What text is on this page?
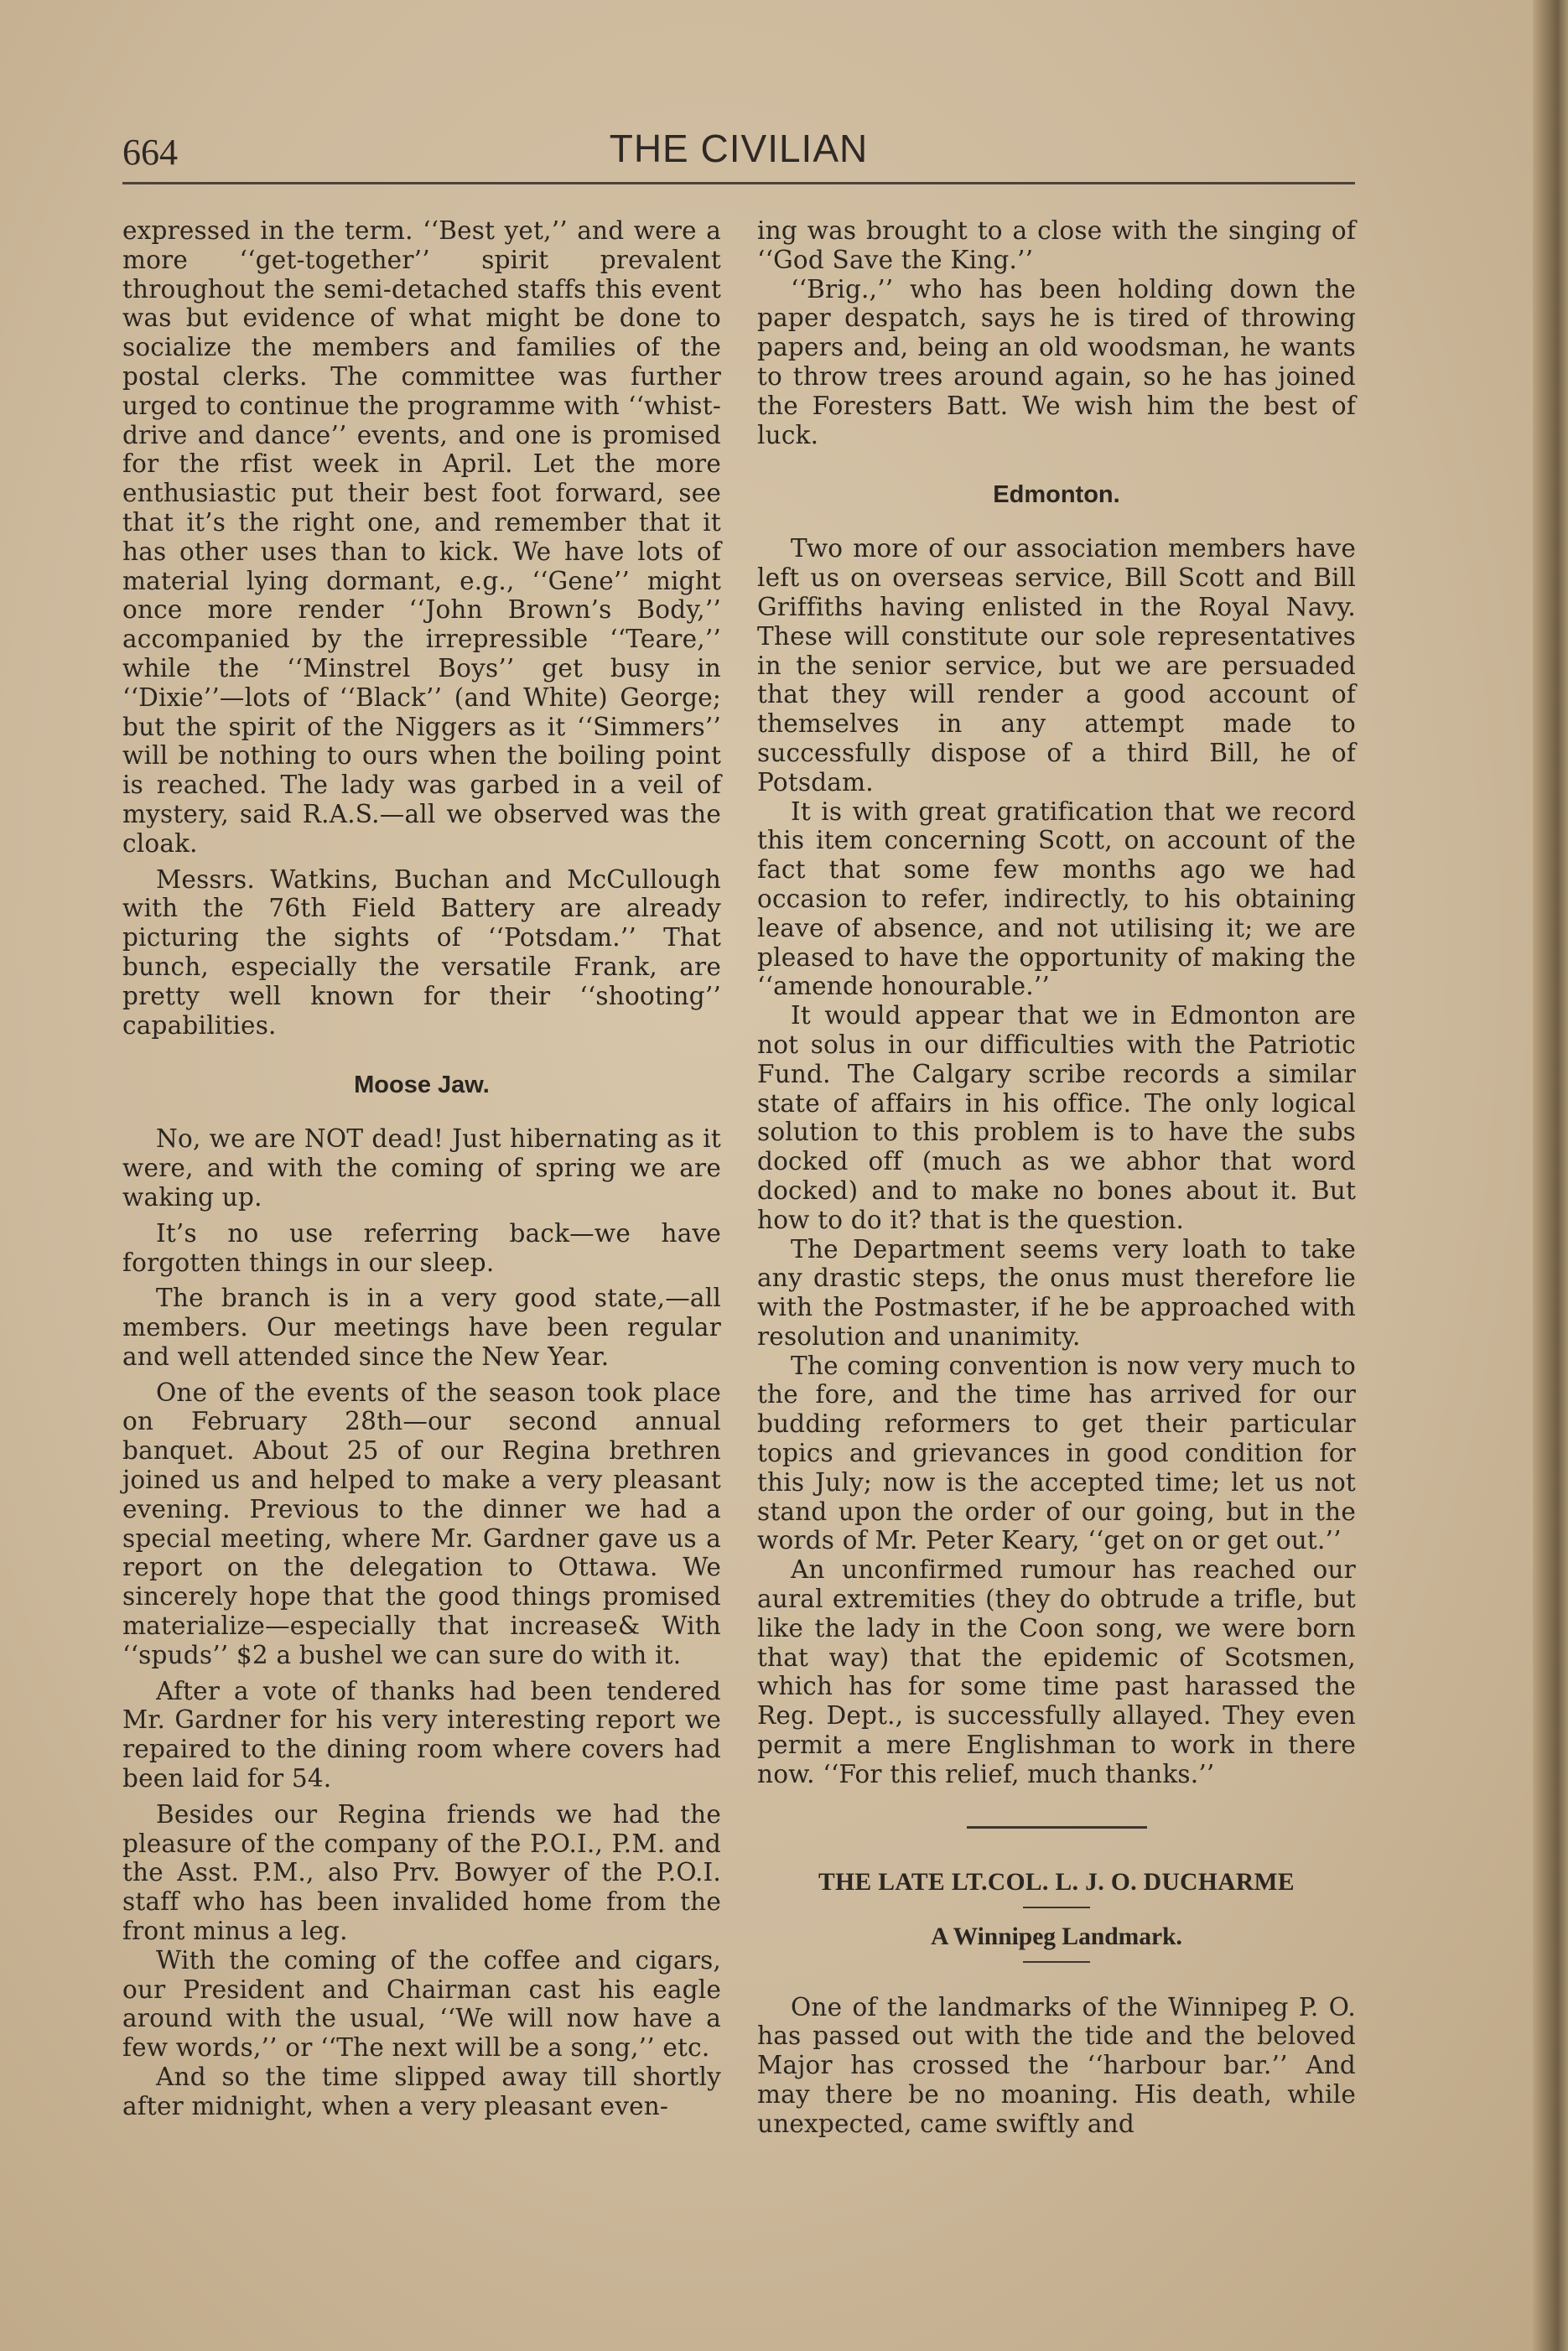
664	THE CIVILIAN

expressed in the term. ‘‘Best yet,’’ and were a more ‘‘get-together’’ spirit prevalent throughout the semi-detached staffs this event was but evidence of what might be done to socialize the members and families of the postal clerks. The committee was further urged to continue the programme with ‘‘whist-drive and dance’’ events, and one is promised for the rfist week in April. Let the more enthusiastic put their best foot forward, see that it’s the right one, and remember that it has other uses than to kick. We have lots of material lying dormant, e.g., ‘‘Gene’’ might once more render ‘‘John Brown’s Body,’’ accompanied by the irrepressible ‘‘Teare,’’ while the ‘‘Minstrel Boys’’ get busy in ‘‘Dixie’’—lots of ‘‘Black’’ (and White) George; but the spirit of the Niggers as it ‘‘Simmers’’ will be nothing to ours when the boiling point is reached. The lady was garbed in a veil of mystery, said R.A.S.—all we observed was the cloak.

Messrs. Watkins, Buchan and McCullough with the 76th Field Battery are already picturing the sights of ‘‘Potsdam.’’ That bunch, especially the versatile Frank, are pretty well known for their ‘‘shooting’’ capabilities.

Moose Jaw.

No, we are NOT dead! Just hibernating as it were, and with the coming of spring we are waking up.

It’s no use referring back—we have forgotten things in our sleep.

The branch is in a very good state,—all members. Our meetings have been regular and well attended since the New Year.

One of the events of the season took place on February 28th—our second annual banquet. About 25 of our Regina brethren joined us and helped to make a very pleasant evening. Previous to the dinner we had a special meeting, where Mr. Gardner gave us a report on the delegation to Ottawa. We sincerely hope that the good things promised materialize—especially that increase& With ‘‘spuds’’ $2 a bushel we can sure do with it.

After a vote of thanks had been tendered Mr. Gardner for his very interesting report we repaired to the dining room where covers had been laid for 54.

Besides our Regina friends we had the pleasure of the company of the P.O.I., P.M. and the Asst. P.M., also Prv. Bowyer of the P.O.I. staff who has been invalided home from the front minus a leg.

With the coming of the coffee and cigars, our President and Chairman cast his eagle around with the usual, ‘‘We will now have a few words,’’ or ‘‘The next will be a song,’’ etc.

And so the time slipped away till shortly after midnight, when a very pleasant even-

ing was brought to a close with the singing of ‘‘God Save the King.’’

‘‘Brig.,’’ who has been holding down the paper despatch, says he is tired of throwing papers and, being an old woodsman, he wants to throw trees around again, so he has joined the Foresters Batt. We wish him the best of luck.

Edmonton.

Two more of our association members have left us on overseas service, Bill Scott and Bill Griffiths having enlisted in the Royal Navy. These will constitute our sole representatives in the senior service, but we are persuaded that they will render a good account of themselves in any attempt made to successfully dispose of a third Bill, he of Potsdam.

It is with great gratification that we record this item concerning Scott, on account of the fact that some few months ago we had occasion to refer, indirectly, to his obtaining leave of absence, and not utilising it; we are pleased to have the opportunity of making the ‘‘amende honourable.’’

It would appear that we in Edmonton are not solus in our difficulties with the Patriotic Fund. The Calgary scribe records a similar state of affairs in his office. The only logical solution to this problem is to have the subs docked off (much as we abhor that word docked) and to make no bones about it. But how to do it? that is the question.

The Department seems very loath to take any drastic steps, the onus must therefore lie with the Postmaster, if he be approached with resolution and unanimity.

The coming convention is now very much to the fore, and the time has arrived for our budding reformers to get their particular topics and grievances in good condition for this July; now is the accepted time; let us not stand upon the order of our going, but in the words of Mr. Peter Keary, ‘‘get on or get out.’’

An unconfirmed rumour has reached our aural extremities (they do obtrude a trifle, but like the lady in the Coon song, we were born that way) that the epidemic of Scotsmen, which has for some time past harassed the Reg. Dept., is successfully allayed. They even permit a mere Englishman to work in there now. ‘‘For this relief, much thanks.’’

THE LATE LT.COL. L. J. O. DUCHARME
A Winnipeg Landmark.

One of the landmarks of the Winnipeg P. O. has passed out with the tide and the beloved Major has crossed the ‘‘harbour bar.’’ And may there be no moaning. His death, while unexpected, came swiftly and
